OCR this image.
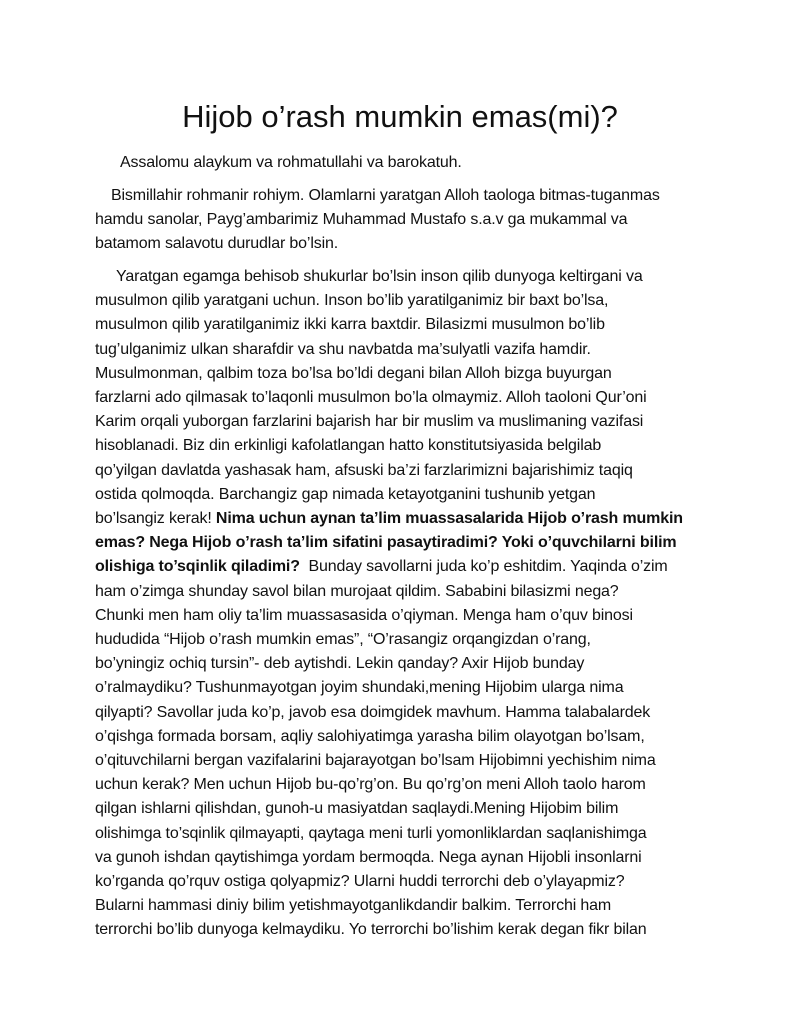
Hijob o’rash mumkin emas(mi)?

Assalomu alaykum va rohmatullahi va barokatuh.

Bismillahir rohmanir rohiym. Olamlarni yaratgan Alloh taologa bitmas-tuganmas
hamdu sanolar, Payg’ambarimiz Muhammad Mustafo s.a.v ga mukammal va
batamom salavotu durudlar bo’lsin.

Yaratgan egamga behisob shukurlar bo’lsin inson qilib dunyoga keltirgani va
musulmon qilib yaratgani uchun. Inson bo’lib yaratilganimiz bir baxt bo’lsa,
musulmon qilib yaratilganimiz ikki karra baxtdir. Bilasizmi musulmon bo’lib
tug’ulganimiz ulkan sharafdir va shu navbatda ma’sulyatli vazifa hamdir.
Musulmonman, qalbim toza bo’lsa bo’ldi degani bilan Alloh bizga buyurgan
farzlarni ado qilmasak to’laqonli musulmon bo’la olmaymiz. Alloh taoloni Qur’oni
Karim orqali yuborgan farzlarini bajarish har bir muslim va muslimaning vazifasi
hisoblanadi. Biz din erkinligi kafolatlangan hatto konstitutsiyasida belgilab
qo’yilgan davlatda yashasak ham, afsuski ba’zi farzlarimizni bajarishimiz taqiq
ostida qolmoqda. Barchangiz gap nimada ketayotganini tushunib yetgan
bo’lsangiz kerak! Nima uchun aynan ta’lim muassasalarida Hijob o’rash mumkin
emas? Nega Hijob o’rash ta’lim sifatini pasaytiradimi? Yoki o’quvchilarni bilim
olishiga to’sqinlik qiladimi?  Bunday savollarni juda ko’p eshitdim. Yaqinda o’zim
ham o’zimga shunday savol bilan murojaat qildim. Sababini bilasizmi nega?
Chunki men ham oliy ta’lim muassasasida o’qiyman. Menga ham o’quv binosi
hududida “Hijob o’rash mumkin emas”, “O’rasangiz orqangizdan o’rang,
bo’yningiz ochiq tursin”- deb aytishdi. Lekin qanday? Axir Hijob bunday
o’ralmaydiku? Tushunmayotgan joyim shundaki,mening Hijobim ularga nima
qilyapti? Savollar juda ko’p, javob esa doimgidek mavhum. Hamma talabalardek
o’qishga formada borsam, aqliy salohiyatimga yarasha bilim olayotgan bo’lsam,
o’qituvchilarni bergan vazifalarini bajarayotgan bo’lsam Hijobimni yechishim nima
uchun kerak? Men uchun Hijob bu-qo’rg’on. Bu qo’rg’on meni Alloh taolo harom
qilgan ishlarni qilishdan, gunoh-u masiyatdan saqlaydi.Mening Hijobim bilim
olishimga to’sqinlik qilmayapti, qaytaga meni turli yomonliklardan saqlanishimga
va gunoh ishdan qaytishimga yordam bermoqda. Nega aynan Hijobli insonlarni
ko’rganda qo’rquv ostiga qolyapmiz? Ularni huddi terrorchi deb o’ylayapmiz?
Bularni hammasi diniy bilim yetishmayotganlikdandir balkim. Terrorchi ham
terrorchi bo’lib dunyoga kelmaydiku. Yo terrorchi bo’lishim kerak degan fikr bilan
